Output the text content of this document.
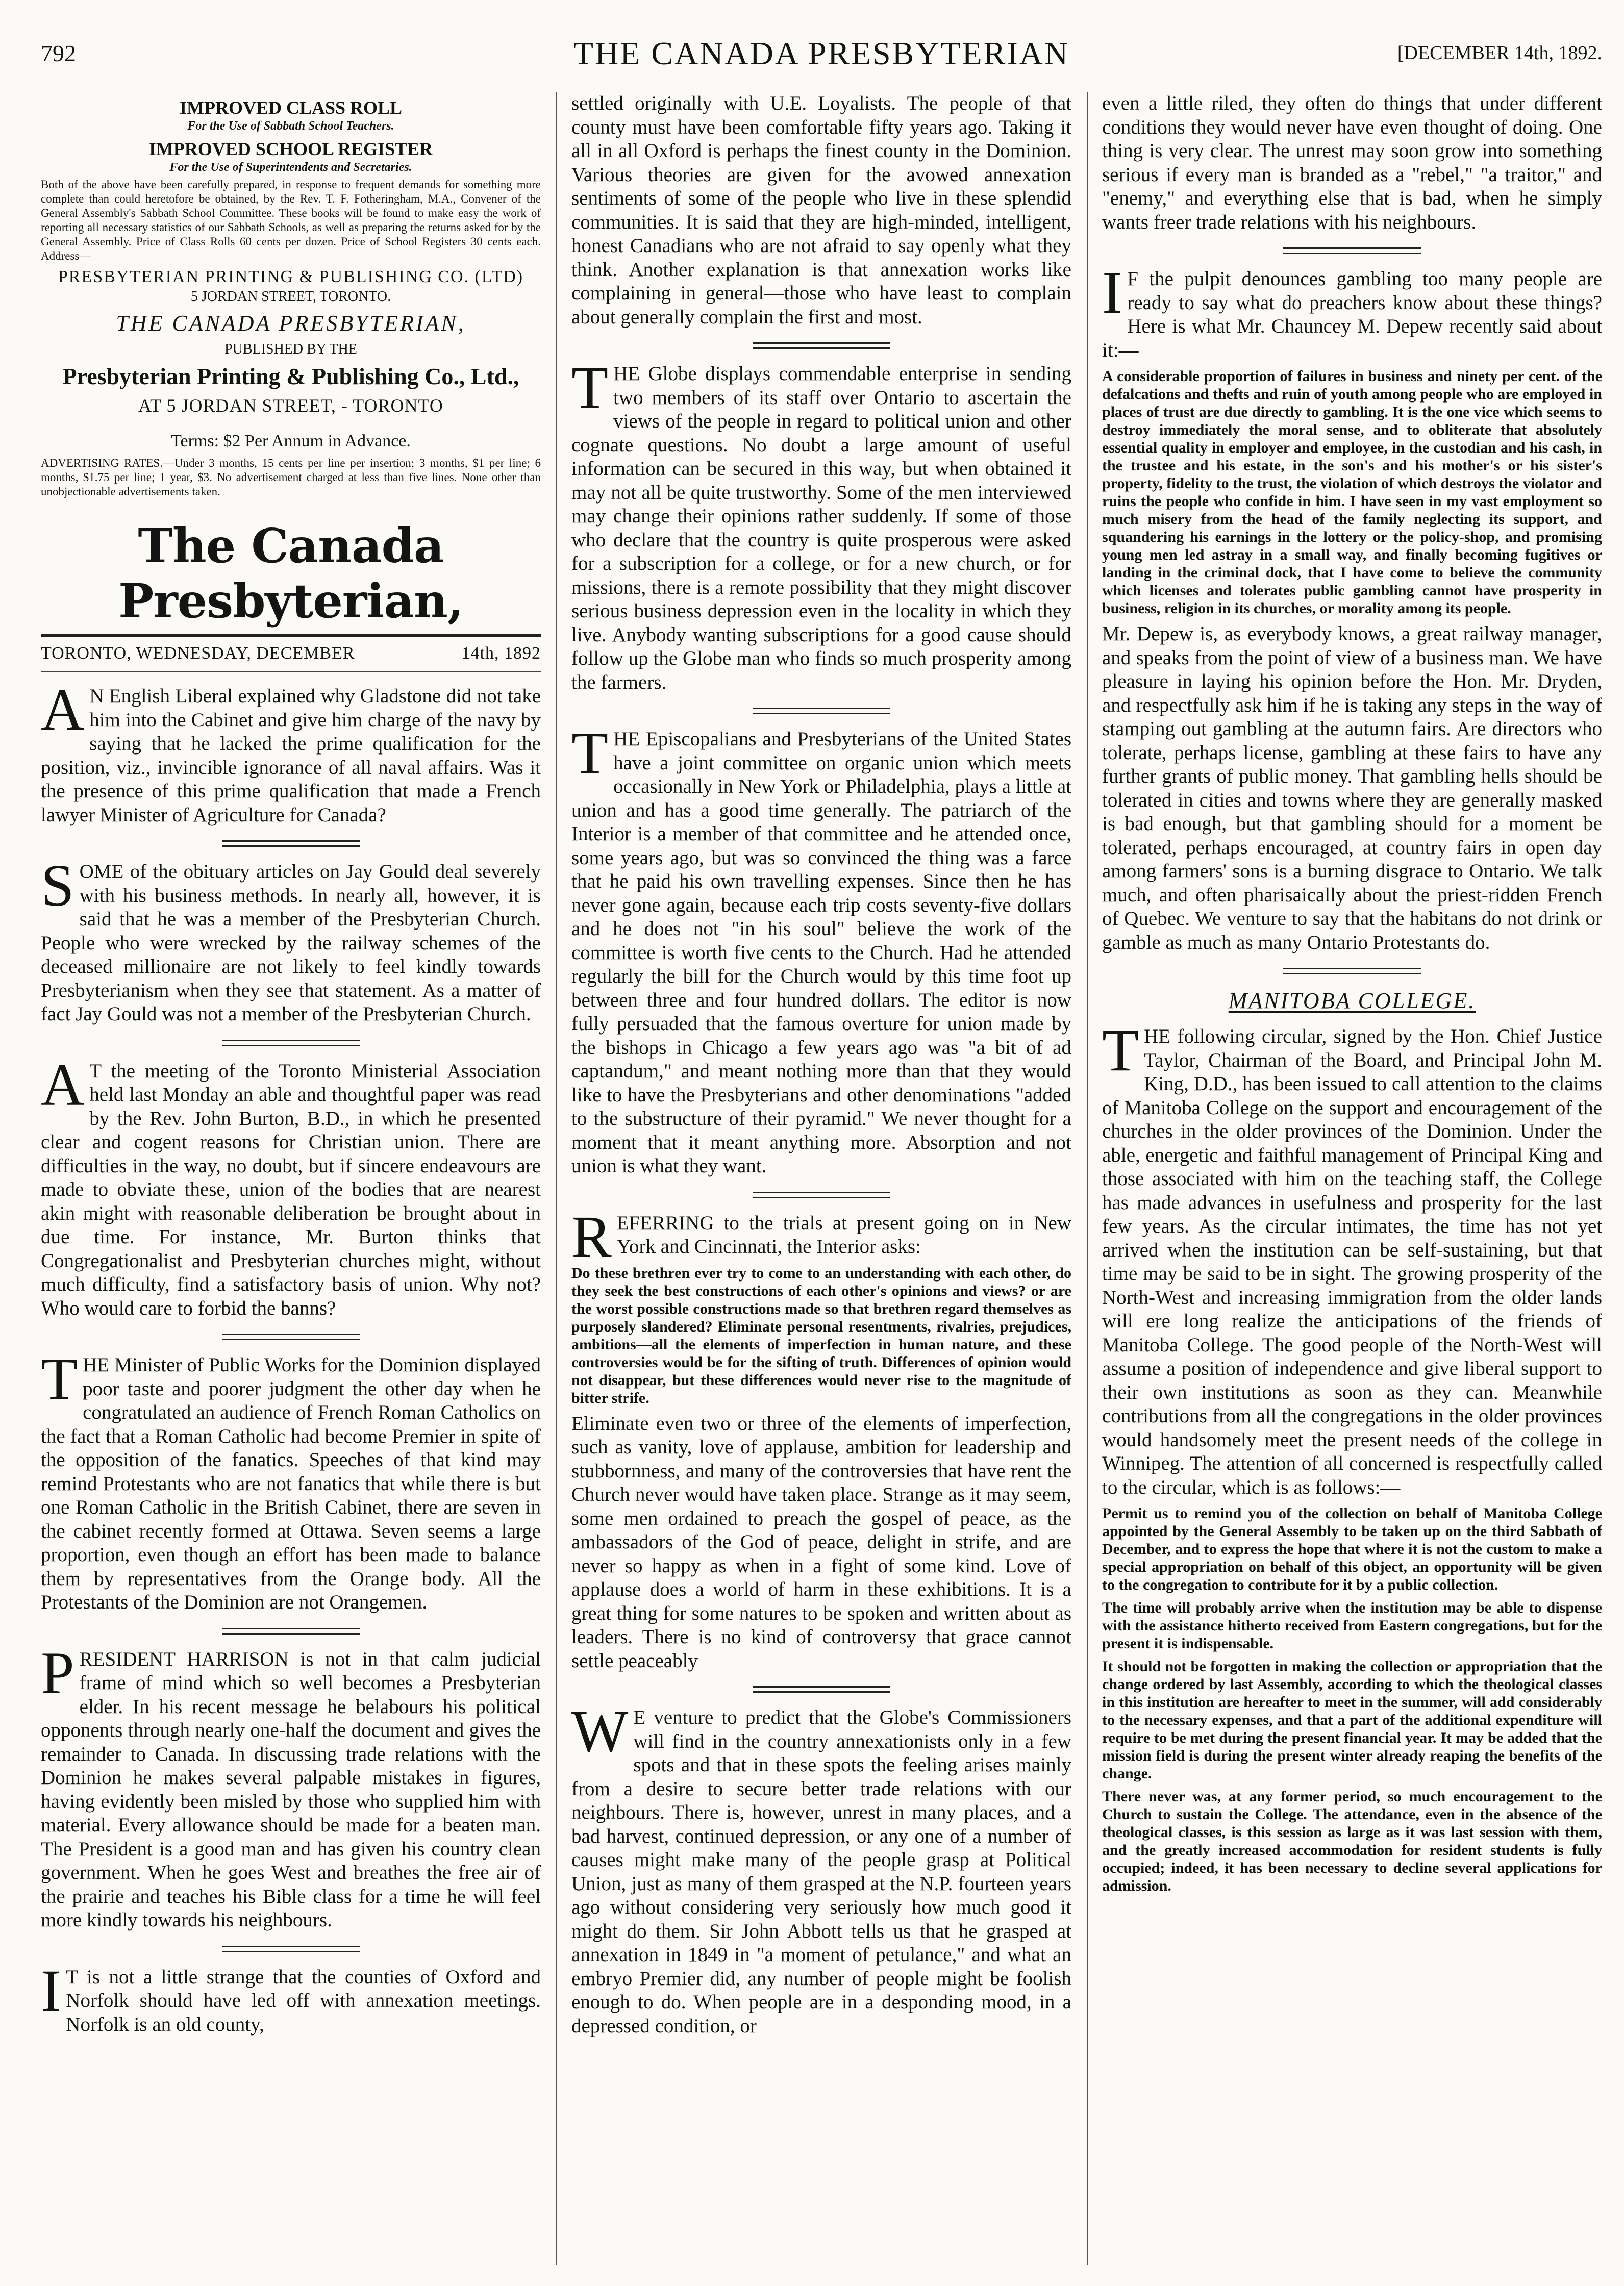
792	THE CANADA PRESBYTERIAN	[DECEMBER 14th, 1892.
IMPROVED CLASS ROLL
For the Use of Sabbath School Teachers.
IMPROVED SCHOOL REGISTER
For the Use of Superintendents and Secretaries.
Both of the above have been carefully prepared, in response to frequent demands for something more complete than could heretofore be obtained, by the Rev. T. F. Fotheringham, M.A., Convener of the General Assembly's Sabbath School Committee. These books will be found to make easy the work of reporting all necessary statistics of our Sabbath Schools, as well as preparing the returns asked for by the General Assembly. Price of Class Rolls 60 cents per dozen. Price of School Registers 30 cents each. Address—
PRESBYTERIAN PRINTING & PUBLISHING CO. (LTD)
5 JORDAN STREET, TORONTO.
THE CANADA PRESBYTERIAN,
PUBLISHED BY THE
Presbyterian Printing & Publishing Co., Ltd.,
AT 5 JORDAN STREET, - TORONTO
Terms: $2 Per Annum in Advance.
ADVERTISING RATES.—Under 3 months, 15 cents per line per insertion; 3 months, $1 per line; 6 months, $1.75 per line; 1 year, $3. No advertisement charged at less than five lines. None other than unobjectionable advertisements taken.
The Canada Presbyterian,
TORONTO, WEDNESDAY, DECEMBER	14th, 1892

A N English Liberal explained why Gladstone did not take him into the Cabinet and give him charge of the navy by saying that he lacked the prime qualification for the position, viz., invincible ignorance of all naval affairs. Was it the presence of this prime qualification that made a French lawyer Minister of Agriculture for Canada?

SOME of the obituary articles on Jay Gould deal severely with his business methods. In nearly all, however, it is said that he was a member of the Presbyterian Church. People who were wrecked by the railway schemes of the deceased millionaire are not likely to feel kindly towards Presbyterianism when they see that statement. As a matter of fact Jay Gould was not a member of the Presbyterian Church.

A T the meeting of the Toronto Ministerial Association held last Monday an able and thoughtful paper was read by the Rev. John Burton, B.D., in which he presented clear and cogent reasons for Christian union. There are difficulties in the way, no doubt, but if sincere endeavours are made to obviate these, union of the bodies that are nearest akin might with reasonable deliberation be brought about in due time. For instance, Mr. Burton thinks that Congregationalist and Presbyterian churches might, without much difficulty, find a satisfactory basis of union. Why not? Who would care to forbid the banns?

THE Minister of Public Works for the Dominion displayed poor taste and poorer judgment the other day when he congratulated an audience of French Roman Catholics on the fact that a Roman Catholic had become Premier in spite of the opposition of the fanatics. Speeches of that kind may remind Protestants who are not fanatics that while there is but one Roman Catholic in the British Cabinet, there are seven in the cabinet recently formed at Ottawa. Seven seems a large proportion, even though an effort has been made to balance them by representatives from the Orange body. All the Protestants of the Dominion are not Orangemen.

PRESIDENT HARRISON is not in that calm judicial frame of mind which so well becomes a Presbyterian elder. In his recent message he belabours his political opponents through nearly one-half the document and gives the remainder to Canada. In discussing trade relations with the Dominion he makes several palpable mistakes in figures, having evidently been misled by those who supplied him with material. Every allowance should be made for a beaten man. The President is a good man and has given his country clean government. When he goes West and breathes the free air of the prairie and teaches his Bible class for a time he will feel more kindly towards his neighbours.

I T is not a little strange that the counties of Oxford and Norfolk should have led off with annexation meetings. Norfolk is an old county,

settled originally with U.E. Loyalists. The people of that county must have been comfortable fifty years ago. Taking it all in all Oxford is perhaps the finest county in the Dominion. Various theories are given for the avowed annexation sentiments of some of the people who live in these splendid communities. It is said that they are high-minded, intelligent, honest Canadians who are not afraid to say openly what they think. Another explanation is that annexation works like complaining in general—those who have least to complain about generally complain the first and most.

THE Globe displays commendable enterprise in sending two members of its staff over Ontario to ascertain the views of the people in regard to political union and other cognate questions. No doubt a large amount of useful information can be secured in this way, but when obtained it may not all be quite trustworthy. Some of the men interviewed may change their opinions rather suddenly. If some of those who declare that the country is quite prosperous were asked for a subscription for a college, or for a new church, or for missions, there is a remote possibility that they might discover serious business depression even in the locality in which they live. Anybody wanting subscriptions for a good cause should follow up the Globe man who finds so much prosperity among the farmers.

THE Episcopalians and Presbyterians of the United States have a joint committee on organic union which meets occasionally in New York or Philadelphia, plays a little at union and has a good time generally. The patriarch of the Interior is a member of that committee and he attended once, some years ago, but was so convinced the thing was a farce that he paid his own travelling expenses. Since then he has never gone again, because each trip costs seventy-five dollars and he does not "in his soul" believe the work of the committee is worth five cents to the Church. Had he attended regularly the bill for the Church would by this time foot up between three and four hundred dollars. The editor is now fully persuaded that the famous overture for union made by the bishops in Chicago a few years ago was "a bit of ad captandum," and meant nothing more than that they would like to have the Presbyterians and other denominations "added to the substructure of their pyramid." We never thought for a moment that it meant anything more. Absorption and not union is what they want.

REFERRING to the trials at present going on in New York and Cincinnati, the Interior asks:

Do these brethren ever try to come to an understanding with each other, do they seek the best constructions of each other's opinions and views? or are the worst possible constructions made so that brethren regard themselves as purposely slandered? Eliminate personal resentments, rivalries, prejudices, ambitions—all the elements of imperfection in human nature, and these controversies would be for the sifting of truth. Differences of opinion would not disappear, but these differences would never rise to the magnitude of bitter strife.

Eliminate even two or three of the elements of imperfection, such as vanity, love of applause, ambition for leadership and stubbornness, and many of the controversies that have rent the Church never would have taken place. Strange as it may seem, some men ordained to preach the gospel of peace, as the ambassadors of the God of peace, delight in strife, and are never so happy as when in a fight of some kind. Love of applause does a world of harm in these exhibitions. It is a great thing for some natures to be spoken and written about as leaders. There is no kind of controversy that grace cannot settle peaceably

W E venture to predict that the Globe's Commissioners will find in the country annexationists only in a few spots and that in these spots the feeling arises mainly from a desire to secure better trade relations with our neighbours. There is, however, unrest in many places, and a bad harvest, continued depression, or any one of a number of causes might make many of the people grasp at Political Union, just as many of them grasped at the N.P. fourteen years ago without considering very seriously how much good it might do them. Sir John Abbott tells us that he grasped at annexation in 1849 in "a moment of petulance," and what an embryo Premier did, any number of people might be foolish enough to do. When people are in a desponding mood, in a depressed condition, or

even a little riled, they often do things that under different conditions they would never have even thought of doing. One thing is very clear. The unrest may soon grow into something serious if every man is branded as a "rebel," "a traitor," and "enemy," and everything else that is bad, when he simply wants freer trade relations with his neighbours.

I F the pulpit denounces gambling too many people are ready to say what do preachers know about these things? Here is what Mr. Chauncey M. Depew recently said about it:—

A considerable proportion of failures in business and ninety per cent. of the defalcations and thefts and ruin of youth among people who are employed in places of trust are due directly to gambling. It is the one vice which seems to destroy immediately the moral sense, and to obliterate that absolutely essential quality in employer and employee, in the custodian and his cash, in the trustee and his estate, in the son's and his mother's or his sister's property, fidelity to the trust, the violation of which destroys the violator and ruins the people who confide in him. I have seen in my vast employment so much misery from the head of the family neglecting its support, and squandering his earnings in the lottery or the policy-shop, and promising young men led astray in a small way, and finally becoming fugitives or landing in the criminal dock, that I have come to believe the community which licenses and tolerates public gambling cannot have prosperity in business, religion in its churches, or morality among its people.

Mr. Depew is, as everybody knows, a great railway manager, and speaks from the point of view of a business man. We have pleasure in laying his opinion before the Hon. Mr. Dryden, and respectfully ask him if he is taking any steps in the way of stamping out gambling at the autumn fairs. Are directors who tolerate, perhaps license, gambling at these fairs to have any further grants of public money. That gambling hells should be tolerated in cities and towns where they are generally masked is bad enough, but that gambling should for a moment be tolerated, perhaps encouraged, at country fairs in open day among farmers' sons is a burning disgrace to Ontario. We talk much, and often pharisaically about the priest-ridden French of Quebec. We venture to say that the habitans do not drink or gamble as much as many Ontario Protestants do.

MANITOBA COLLEGE.

THE following circular, signed by the Hon. Chief Justice Taylor, Chairman of the Board, and Principal John M. King, D.D., has been issued to call attention to the claims of Manitoba College on the support and encouragement of the churches in the older provinces of the Dominion. Under the able, energetic and faithful management of Principal King and those associated with him on the teaching staff, the College has made advances in usefulness and prosperity for the last few years. As the circular intimates, the time has not yet arrived when the institution can be self-sustaining, but that time may be said to be in sight. The growing prosperity of the North-West and increasing immigration from the older lands will ere long realize the anticipations of the friends of Manitoba College. The good people of the North-West will assume a position of independence and give liberal support to their own institutions as soon as they can. Meanwhile contributions from all the congregations in the older provinces would handsomely meet the present needs of the college in Winnipeg. The attention of all concerned is respectfully called to the circular, which is as follows:—

Permit us to remind you of the collection on behalf of Manitoba College appointed by the General Assembly to be taken up on the third Sabbath of December, and to express the hope that where it is not the custom to make a special appropriation on behalf of this object, an opportunity will be given to the congregation to contribute for it by a public collection.

The time will probably arrive when the institution may be able to dispense with the assistance hitherto received from Eastern congregations, but for the present it is indispensable.

It should not be forgotten in making the collection or appropriation that the change ordered by last Assembly, according to which the theological classes in this institution are hereafter to meet in the summer, will add considerably to the necessary expenses, and that a part of the additional expenditure will require to be met during the present financial year. It may be added that the mission field is during the present winter already reaping the benefits of the change.

There never was, at any former period, so much encouragement to the Church to sustain the College. The attendance, even in the absence of the theological classes, is this session as large as it was last session with them, and the greatly increased accommodation for resident students is fully occupied; indeed, it has been necessary to decline several applications for admission.
